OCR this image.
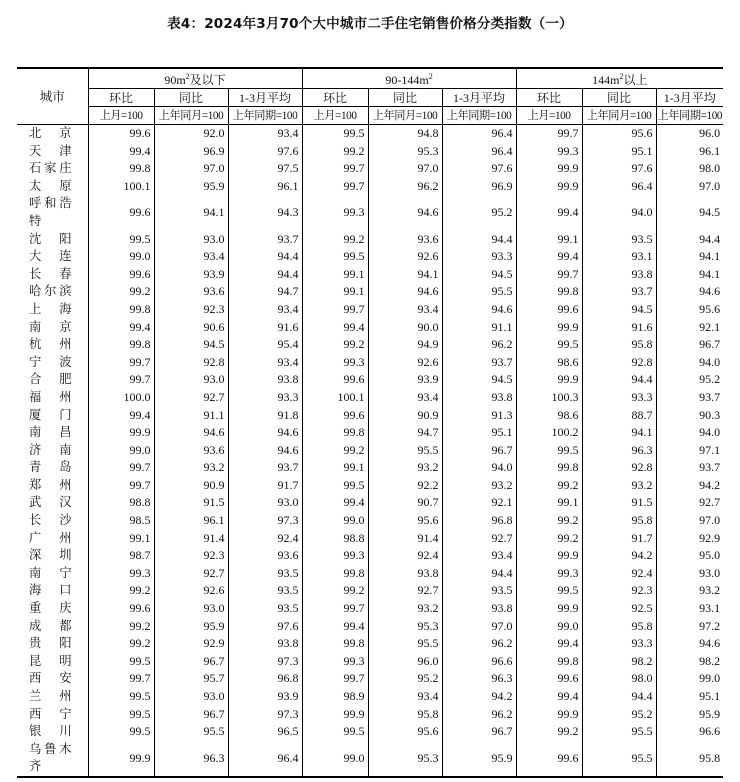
表4：2024年3月70个大中城市二手住宅销售价格分类指数（一）
城市	$90m^2$及以下			$90-144m^2$			$144m^2$以上		
	环比	同比	1-3月平均	环比	同比	1-3月平均	环比	同比	1-3月平均
	上月=100	上年同月=100	上年同期=100	上月=100	上年同月=100	上年同期=100	上月=100	上年同月=100	上年同期=100
北京	99.6	92.0	93.4	99.5	94.8	96.4	99.7	95.6	96.0
天津	99.4	96.9	97.6	99.2	95.3	96.4	99.3	95.1	96.1
石家庄	99.8	97.0	97.5	99.7	97.0	97.6	99.9	97.6	98.0
太原	100.1	95.9	96.1	99.7	96.2	96.9	99.9	96.4	97.0
呼和浩特	99.6	94.1	94.3	99.3	94.6	95.2	99.4	94.0	94.5
沈阳	99.5	93.0	93.7	99.2	93.6	94.4	99.1	93.5	94.4
大连	99.0	93.4	94.4	99.5	92.6	93.3	99.4	93.1	94.1
长春	99.6	93.9	94.4	99.1	94.1	94.5	99.7	93.8	94.1
哈尔滨	99.2	93.6	94.7	99.1	94.6	95.5	99.8	93.7	94.6
上海	99.8	92.3	93.4	99.7	93.4	94.6	99.6	94.5	95.6
南京	99.4	90.6	91.6	99.4	90.0	91.1	99.9	91.6	92.1
杭州	99.8	94.5	95.4	99.2	94.9	96.2	99.5	95.8	96.7
宁波	99.7	92.8	93.4	99.3	92.6	93.7	98.6	92.8	94.0
合肥	99.7	93.0	93.8	99.6	93.9	94.5	99.9	94.4	95.2
福州	100.0	92.7	93.3	100.1	93.4	93.8	100.3	93.3	93.7
厦门	99.4	91.1	91.8	99.6	90.9	91.3	98.6	88.7	90.3
南昌	99.9	94.6	94.6	99.8	94.7	95.1	100.2	94.1	94.0
济南	99.0	93.6	94.6	99.2	95.5	96.7	99.5	96.3	97.1
青岛	99.7	93.2	93.7	99.1	93.2	94.0	99.8	92.8	93.7
郑州	99.7	90.9	91.7	99.5	92.2	93.2	99.2	93.2	94.2
武汉	98.8	91.5	93.0	99.4	90.7	92.1	99.1	91.5	92.7
长沙	98.5	96.1	97.3	99.0	95.6	96.8	99.2	95.8	97.0
广州	99.1	91.4	92.4	98.8	91.4	92.7	99.2	91.7	92.9
深圳	98.7	92.3	93.6	99.3	92.4	93.4	99.9	94.2	95.0
南宁	99.3	92.7	93.5	99.8	93.8	94.4	99.3	92.4	93.0
海口	99.2	92.6	93.5	99.2	92.7	93.5	99.5	92.3	93.2
重庆	99.6	93.0	93.5	99.7	93.2	93.8	99.9	92.5	93.1
成都	99.2	95.9	97.6	99.4	95.3	97.0	99.0	95.8	97.2
贵阳	99.2	92.9	93.8	99.8	95.5	96.2	99.4	93.3	94.6
昆明	99.5	96.7	97.3	99.3	96.0	96.6	99.8	98.2	98.2
西安	99.7	95.7	96.8	99.7	95.2	96.3	99.6	98.0	99.0
兰州	99.5	93.0	93.9	98.9	93.4	94.2	99.4	94.4	95.1
西宁	99.5	96.7	97.3	99.9	95.8	96.2	99.9	95.2	95.9
银川	99.5	95.5	96.5	99.5	95.6	96.7	99.2	95.5	96.6
乌鲁木齐	99.9	96.3	96.4	99.0	95.3	95.9	99.6	95.5	95.8
